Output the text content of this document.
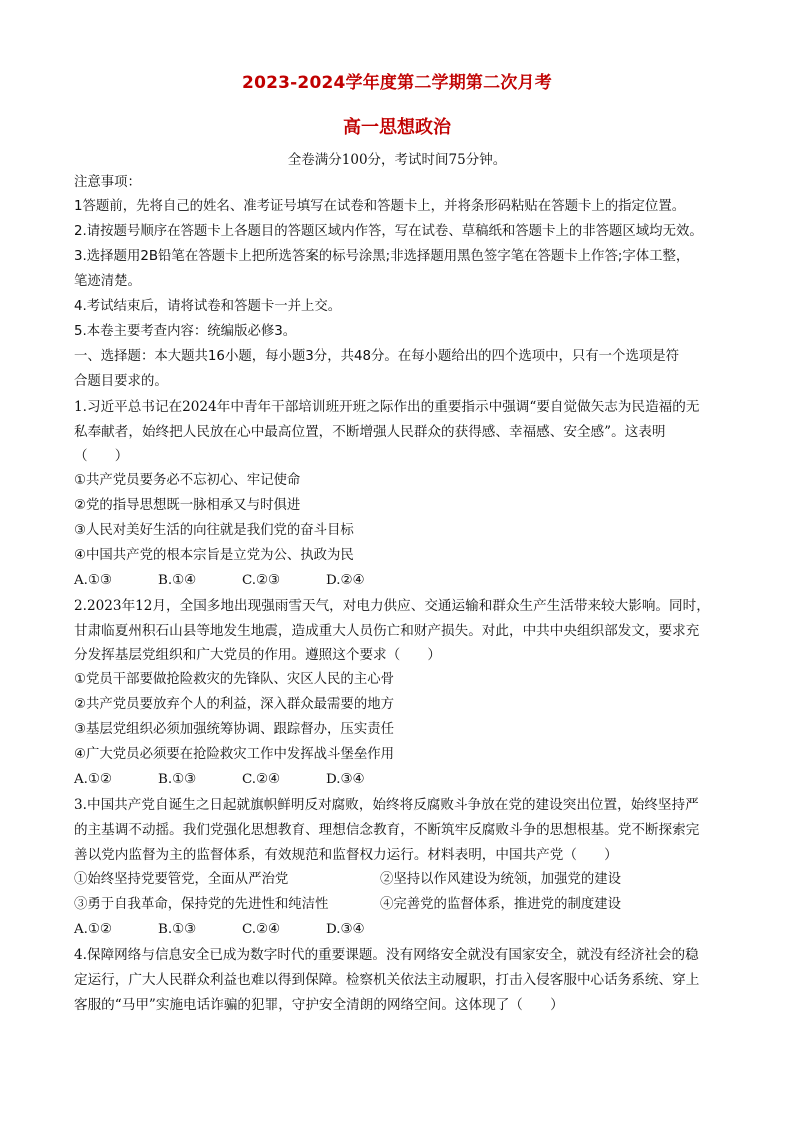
2023-2024学年度第二学期第二次月考
高一思想政治
全卷满分100分，考试时间75分钟。
注意事项：
1答题前，先将自己的姓名、准考证号填写在试卷和答题卡上，并将条形码粘贴在答题卡上的指定位置。
2.请按题号顺序在答题卡上各题目的答题区域内作答，写在试卷、草稿纸和答题卡上的非答题区域均无效。
3.选择题用2B铅笔在答题卡上把所选答案的标号涂黑;非选择题用黑色签字笔在答题卡上作答;字体工整，
笔迹清楚。
4.考试结束后，请将试卷和答题卡一并上交。
5.本卷主要考查内容：统编版必修3。
一、选择题：本大题共16小题，每小题3分，共48分。在每小题给出的四个选项中，只有一个选项是符
合题目要求的。
1.习近平总书记在2024年中青年干部培训班开班之际作出的重要指示中强调“要自觉做矢志为民造福的无
私奉献者，始终把人民放在心中最高位置，不断增强人民群众的获得感、幸福感、安全感”。这表明
（　　）
①共产党员要务必不忘初心、牢记使命
②党的指导思想既一脉相承又与时俱进
③人民对美好生活的向往就是我们党的奋斗目标
④中国共产党的根本宗旨是立党为公、执政为民
A.①③	B.①④	C.②③	D.②④
2.2023年12月，全国多地出现强雨雪天气，对电力供应、交通运输和群众生产生活带来较大影响。同时，
甘肃临夏州积石山县等地发生地震，造成重大人员伤亡和财产损失。对此，中共中央组织部发文，要求充
分发挥基层党组织和广大党员的作用。遵照这个要求（　　）
①党员干部要做抢险救灾的先锋队、灾区人民的主心骨
②共产党员要放弃个人的利益，深入群众最需要的地方
③基层党组织必须加强统筹协调、跟踪督办，压实责任
④广大党员必须要在抢险救灾工作中发挥战斗堡垒作用
A.①②	B.①③	C.②④	D.③④
3.中国共产党自诞生之日起就旗帜鲜明反对腐败，始终将反腐败斗争放在党的建设突出位置，始终坚持严
的主基调不动摇。我们党强化思想教育、理想信念教育，不断筑牢反腐败斗争的思想根基。党不断探索完
善以党内监督为主的监督体系，有效规范和监督权力运行。材料表明，中国共产党（　　）
①始终坚持党要管党，全面从严治党	②坚持以作风建设为统领，加强党的建设
③勇于自我革命，保持党的先进性和纯洁性	④完善党的监督体系，推进党的制度建设
A.①②	B.①③	C.②④	D.③④
4.保障网络与信息安全已成为数字时代的重要课题。没有网络安全就没有国家安全，就没有经济社会的稳
定运行，广大人民群众利益也难以得到保障。检察机关依法主动履职，打击入侵客服中心话务系统、穿上
客服的“马甲”实施电话诈骗的犯罪，守护安全清朗的网络空间。这体现了（　　）
